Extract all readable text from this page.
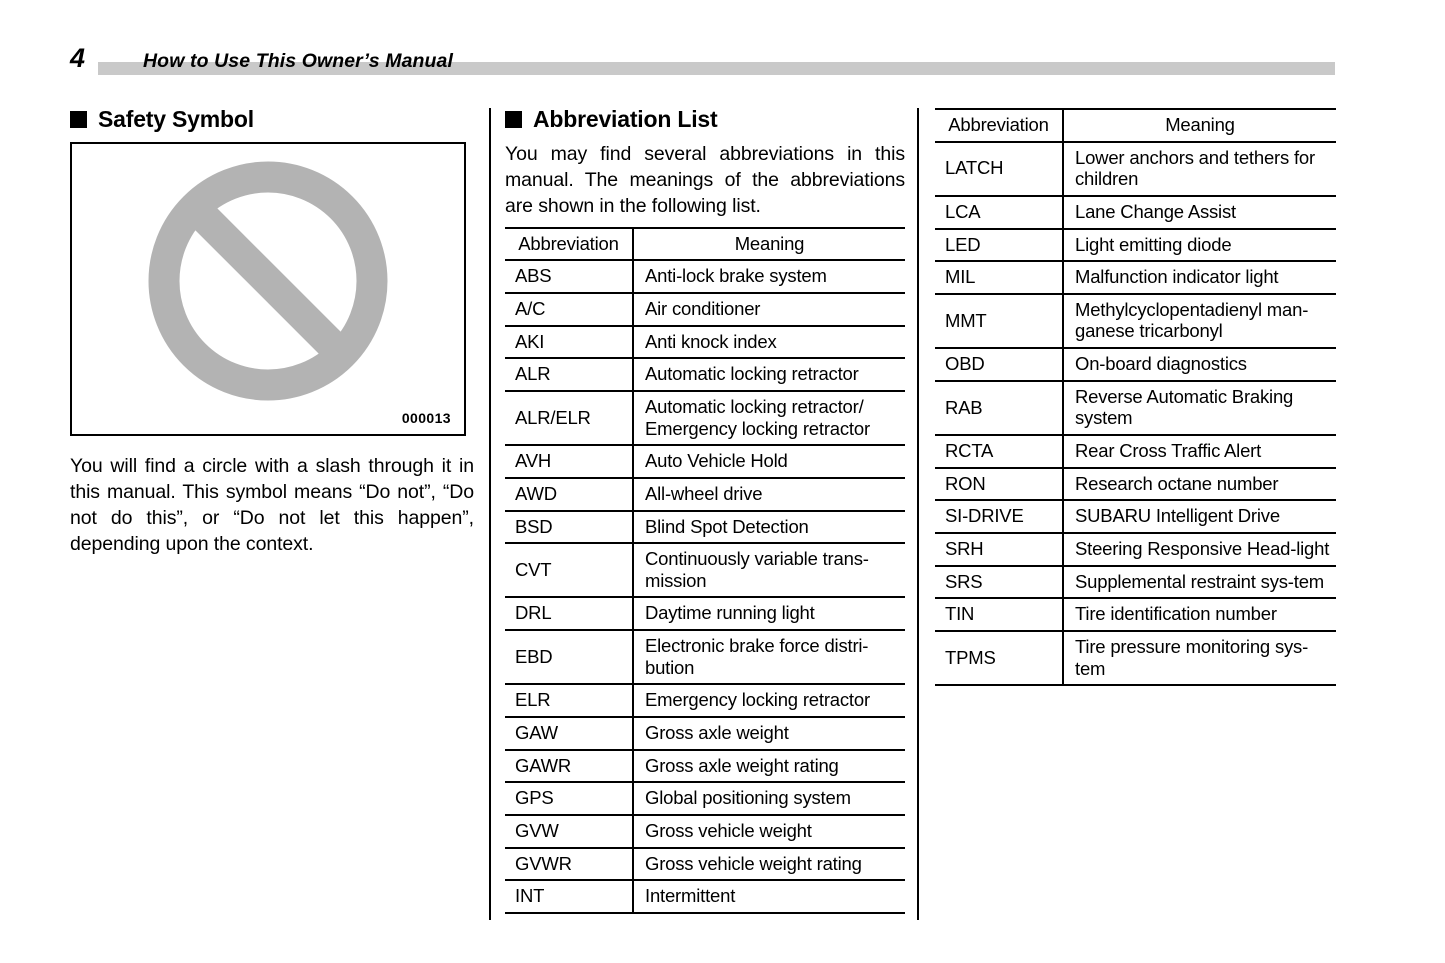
4	How to Use This Owner’s Manual
Safety Symbol
000013

You will find a circle with a slash through it in this manual. This symbol means “Do not”, “Do not do this”, or “Do not let this happen”, depending upon the context.

Abbreviation List

You may find several abbreviations in this manual. The meanings of the abbreviations are shown in the following list.

Abbreviation	Meaning
ABS	Anti-lock brake system
A/C	Air conditioner
AKI	Anti knock index
ALR	Automatic locking retractor
ALR/ELR	Automatic locking retractor/ Emergency locking retractor
AVH	Auto Vehicle Hold
AWD	All-wheel drive
BSD	Blind Spot Detection
CVT	Continuously variable trans-mission
DRL	Daytime running light
EBD	Electronic brake force distri-bution
ELR	Emergency locking retractor
GAW	Gross axle weight
GAWR	Gross axle weight rating
GPS	Global positioning system
GVW	Gross vehicle weight
GVWR	Gross vehicle weight rating
INT	Intermittent
Abbreviation	Meaning
LATCH	Lower anchors and tethers for children
LCA	Lane Change Assist
LED	Light emitting diode
MIL	Malfunction indicator light
MMT	Methylcyclopentadienyl man-ganese tricarbonyl
OBD	On-board diagnostics
RAB	Reverse Automatic Braking system
RCTA	Rear Cross Traffic Alert
RON	Research octane number
SI-DRIVE	SUBARU Intelligent Drive
SRH	Steering Responsive Head-light
SRS	Supplemental restraint sys-tem
TIN	Tire identification number
TPMS	Tire pressure monitoring sys-tem
